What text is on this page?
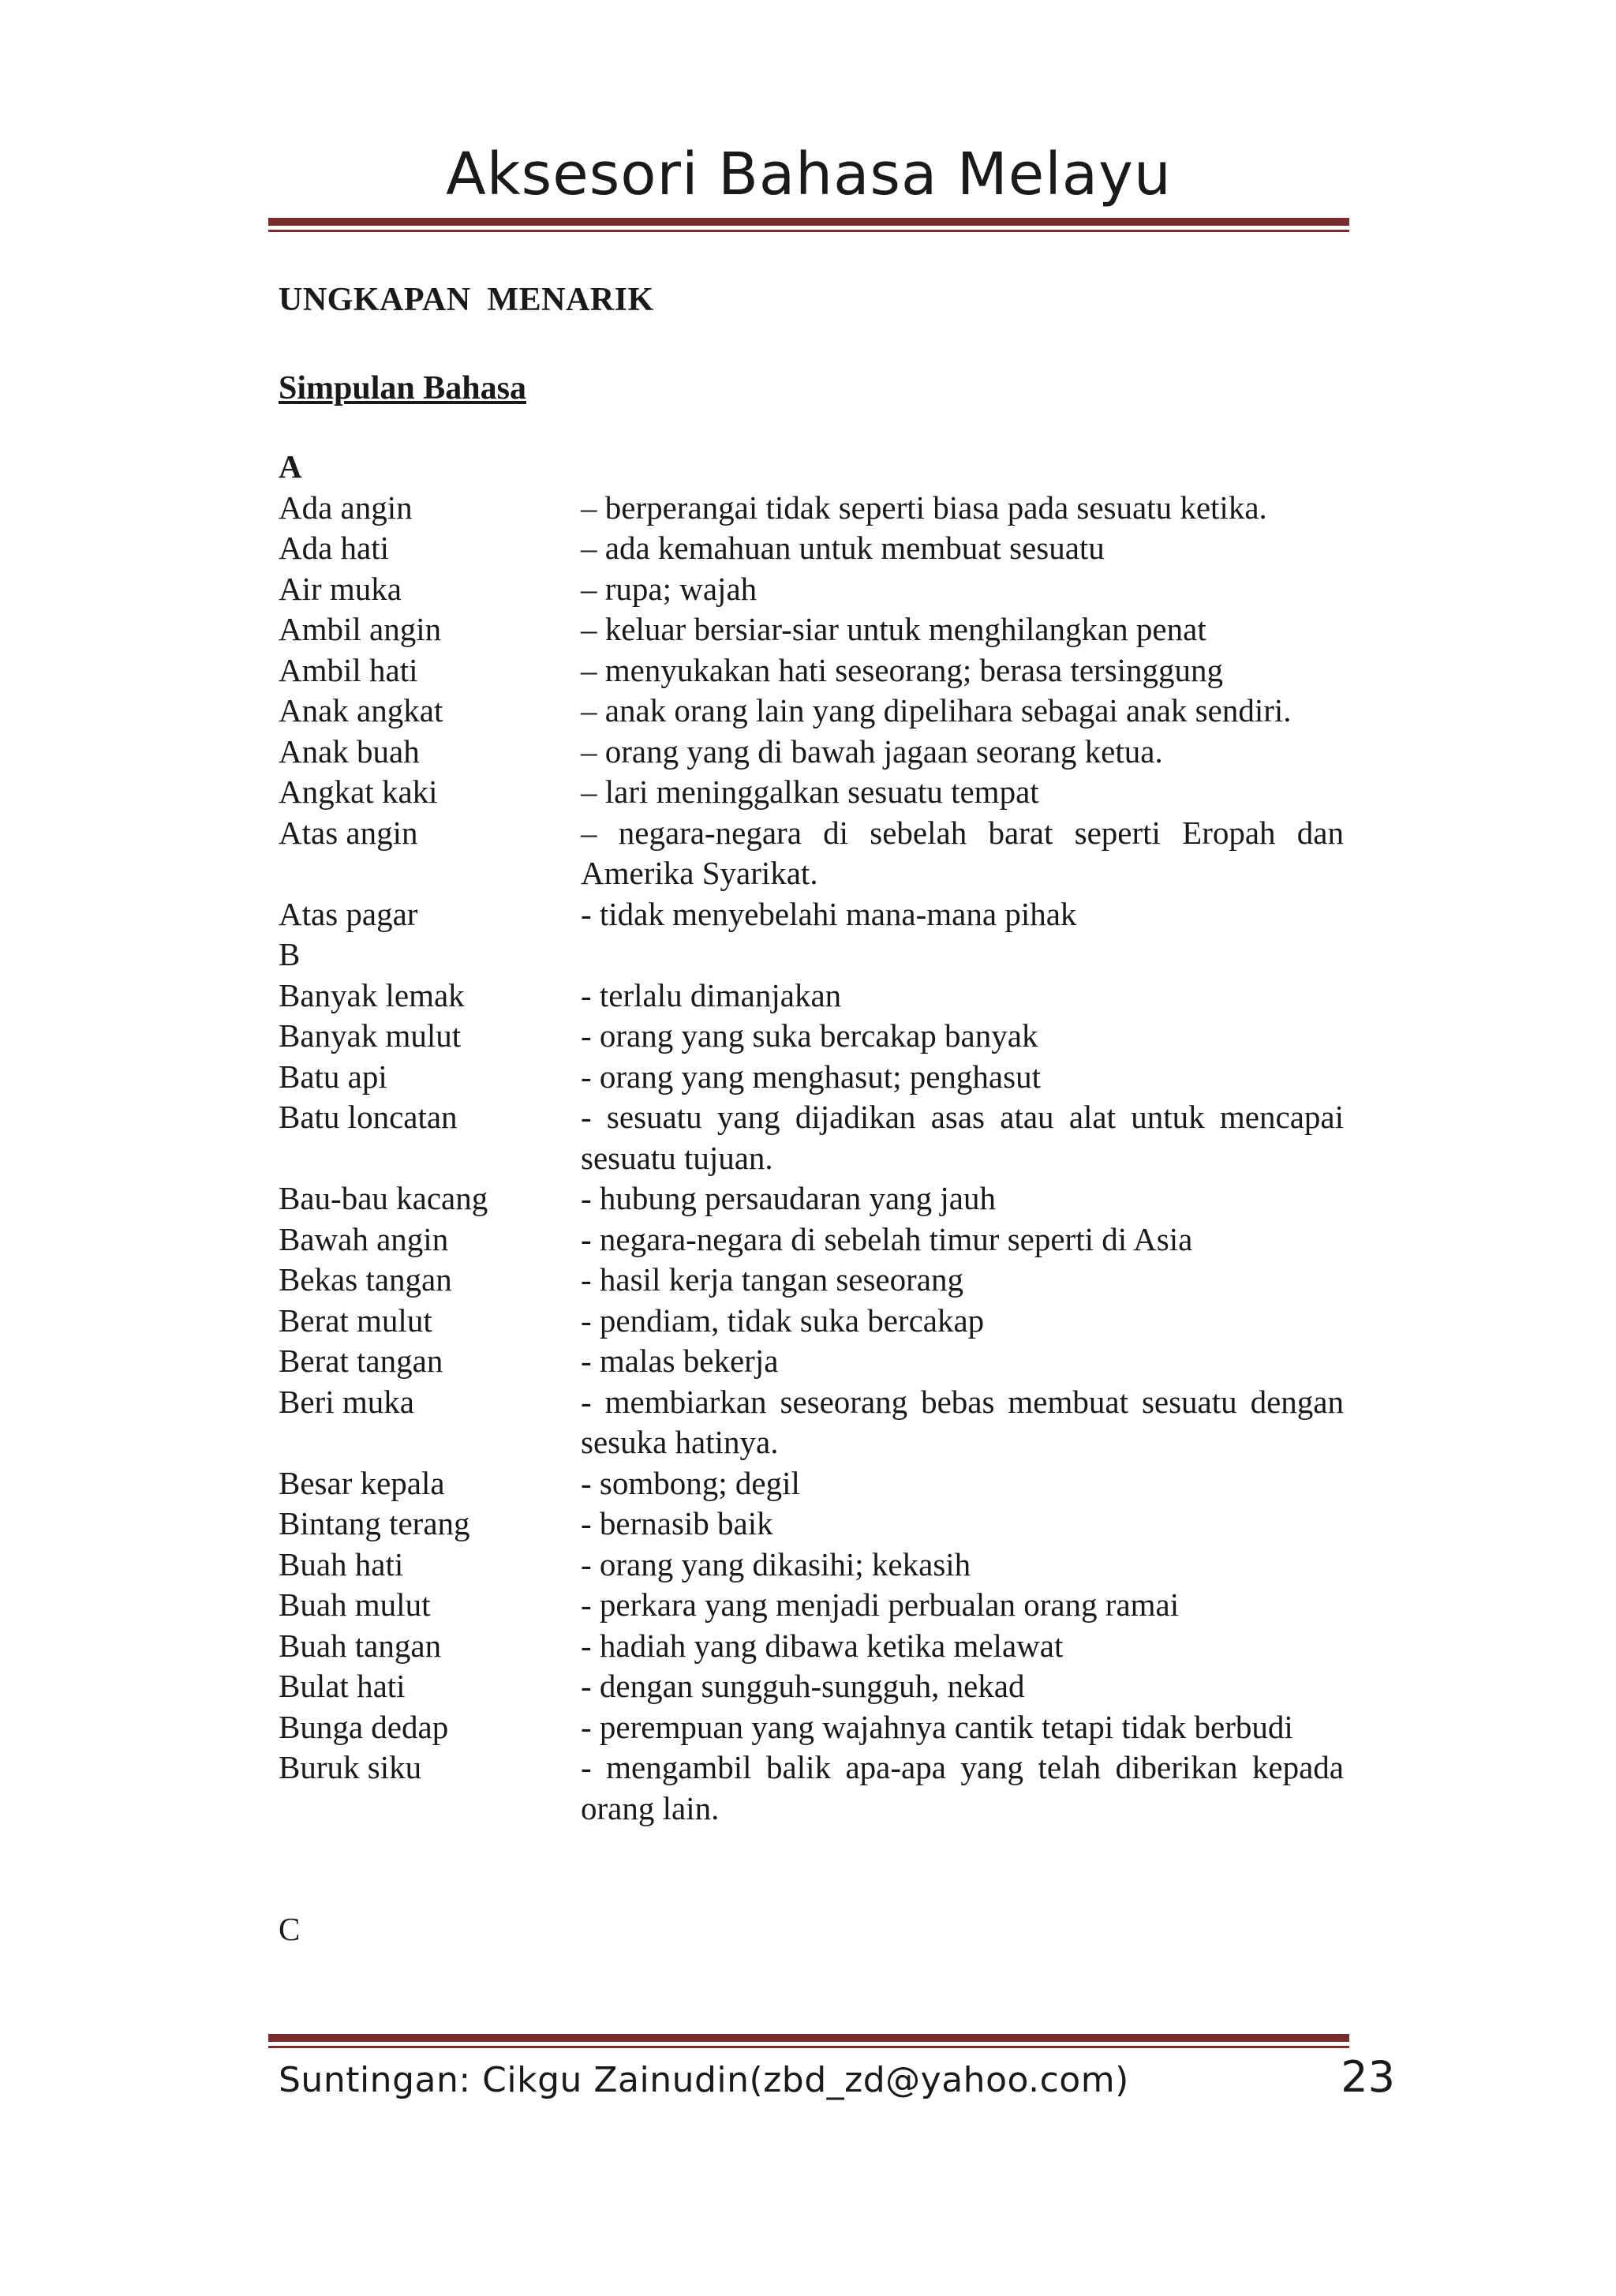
Aksesori Bahasa Melayu
UNGKAPAN MENARIK
Simpulan Bahasa
A
Ada angin	– berperangai tidak seperti biasa pada sesuatu ketika.
Ada hati	– ada kemahuan untuk membuat sesuatu
Air muka	– rupa; wajah
Ambil angin	– keluar bersiar-siar untuk menghilangkan penat
Ambil hati	– menyukakan hati seseorang; berasa tersinggung
Anak angkat	– anak orang lain yang dipelihara sebagai anak sendiri.
Anak buah	– orang yang di bawah jagaan seorang ketua.
Angkat kaki	– lari meninggalkan sesuatu tempat
Atas angin	– negara-negara di sebelah barat seperti Eropah dan Amerika Syarikat.
Atas pagar	- tidak menyebelahi mana-mana pihak
B
Banyak lemak	- terlalu dimanjakan
Banyak mulut	- orang yang suka bercakap banyak
Batu api	- orang yang menghasut; penghasut
Batu loncatan	- sesuatu yang dijadikan asas atau alat untuk mencapai sesuatu tujuan.
Bau-bau kacang	- hubung persaudaran yang jauh
Bawah angin	- negara-negara di sebelah timur seperti di Asia
Bekas tangan	- hasil kerja tangan seseorang
Berat mulut	- pendiam, tidak suka bercakap
Berat tangan	- malas bekerja
Beri muka	- membiarkan seseorang bebas membuat sesuatu dengan sesuka hatinya.
Besar kepala	- sombong; degil
Bintang terang	- bernasib baik
Buah hati	- orang yang dikasihi; kekasih
Buah mulut	- perkara yang menjadi perbualan orang ramai
Buah tangan	- hadiah yang dibawa ketika melawat
Bulat hati	- dengan sungguh-sungguh, nekad
Bunga dedap	- perempuan yang wajahnya cantik tetapi tidak berbudi
Buruk siku	- mengambil balik apa-apa yang telah diberikan kepada orang lain.
C
Suntingan: Cikgu Zainudin(zbd_zd@yahoo.com)	23
